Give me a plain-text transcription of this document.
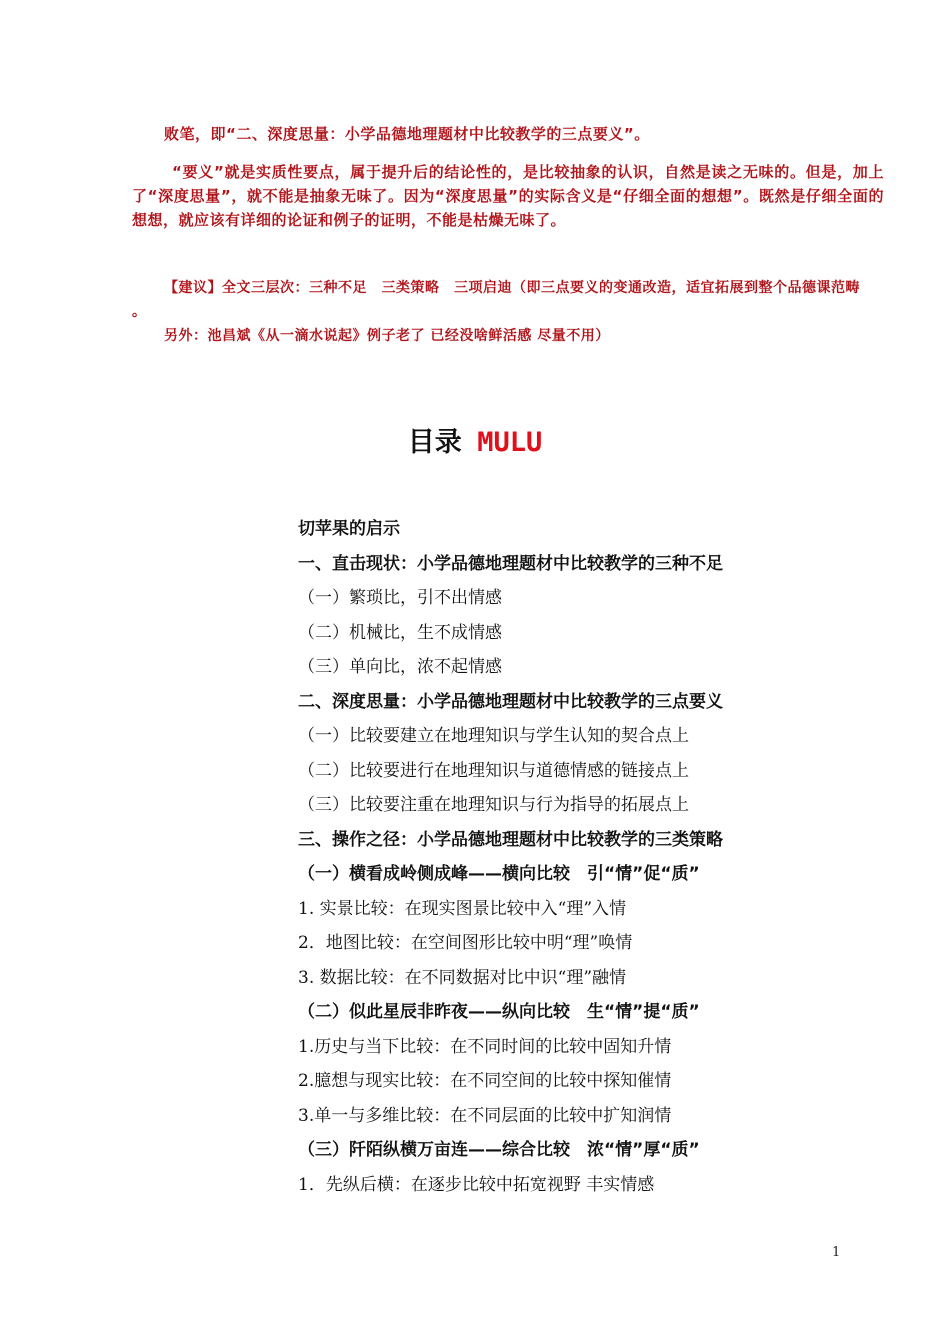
败笔，即“二、深度思量：小学品德地理题材中比较教学的三点要义”。

“要义”就是实质性要点，属于提升后的结论性的，是比较抽象的认识，自然是读之无味的。但是，加上了“深度思量”，就不能是抽象无味了。因为“深度思量”的实际含义是“仔细全面的想想”。既然是仔细全面的想想，就应该有详细的论证和例子的证明，不能是枯燥无味了。

【建议】全文三层次：三种不足　三类策略　三项启迪（即三点要义的变通改造，适宜拓展到整个品德课范畴 。

另外：池昌斌《从一滴水说起》例子老了 已经没啥鲜活感 尽量不用）

目录 MULU
切苹果的启示
一、直击现状：小学品德地理题材中比较教学的三种不足
（一）繁琐比，引不出情感
（二）机械比，生不成情感
（三）单向比，浓不起情感
二、深度思量：小学品德地理题材中比较教学的三点要义
（一）比较要建立在地理知识与学生认知的契合点上
（二）比较要进行在地理知识与道德情感的链接点上
（三）比较要注重在地理知识与行为指导的拓展点上
三、操作之径：小学品德地理题材中比较教学的三类策略
（一）横看成岭侧成峰——横向比较　引“情”促“质”
1. 实景比较：在现实图景比较中入“理”入情
2．地图比较：在空间图形比较中明“理”唤情
3. 数据比较：在不同数据对比中识“理”融情
（二）似此星辰非昨夜——纵向比较　生“情”提“质”
1.历史与当下比较：在不同时间的比较中固知升情
2.臆想与现实比较：在不同空间的比较中探知催情
3.单一与多维比较：在不同层面的比较中扩知润情
（三）阡陌纵横万亩连——综合比较　浓“情”厚“质”
1．先纵后横：在逐步比较中拓宽视野 丰实情感
1
